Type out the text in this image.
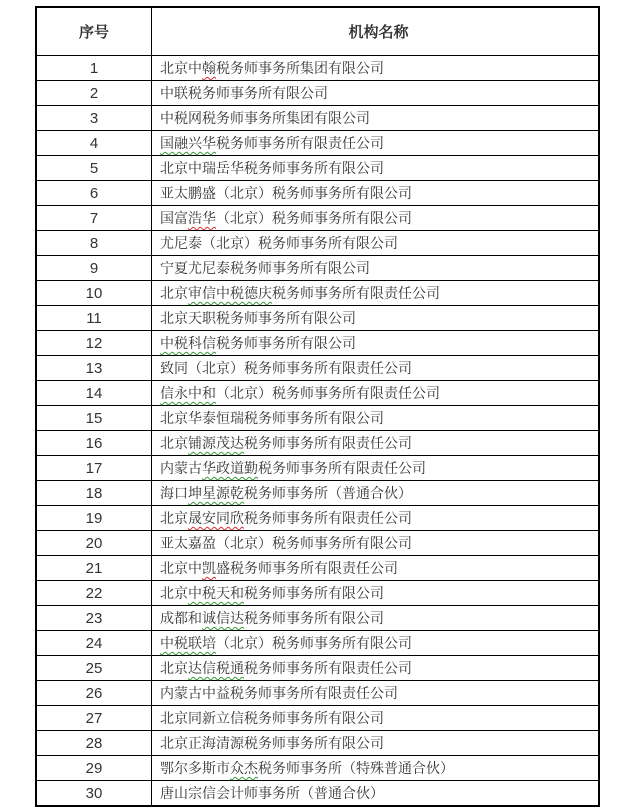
序号	机构名称
1	北京中翰税务师事务所集团有限公司
2	中联税务师事务所有限公司
3	中税网税务师事务所集团有限公司
4	国融兴华税务师事务所有限责任公司
5	北京中瑞岳华税务师事务所有限公司
6	亚太鹏盛（北京）税务师事务所有限公司
7	国富浩华（北京）税务师事务所有限公司
8	尤尼泰（北京）税务师事务所有限公司
9	宁夏尤尼泰税务师事务所有限公司
10	北京审信中税德庆税务师事务所有限责任公司
11	北京天职税务师事务所有限公司
12	中税科信税务师事务所有限公司
13	致同（北京）税务师事务所有限责任公司
14	信永中和（北京）税务师事务所有限责任公司
15	北京华泰恒瑞税务师事务所有限公司
16	北京铺源茂达税务师事务所有限责任公司
17	内蒙古华政道勤税务师事务所有限责任公司
18	海口坤星源乾税务师事务所（普通合伙）
19	北京晟安同欣税务师事务所有限责任公司
20	亚太嘉盈（北京）税务师事务所有限公司
21	北京中凯盛税务师事务所有限责任公司
22	北京中税天和税务师事务所有限公司
23	成都和诚信达税务师事务所有限公司
24	中税联培（北京）税务师事务所有限公司
25	北京达信税通税务师事务所有限责任公司
26	内蒙古中益税务师事务所有限责任公司
27	北京同新立信税务师事务所有限公司
28	北京正海清源税务师事务所有限公司
29	鄂尔多斯市众杰税务师事务所（特殊普通合伙）
30	唐山宗信会计师事务所（普通合伙）
